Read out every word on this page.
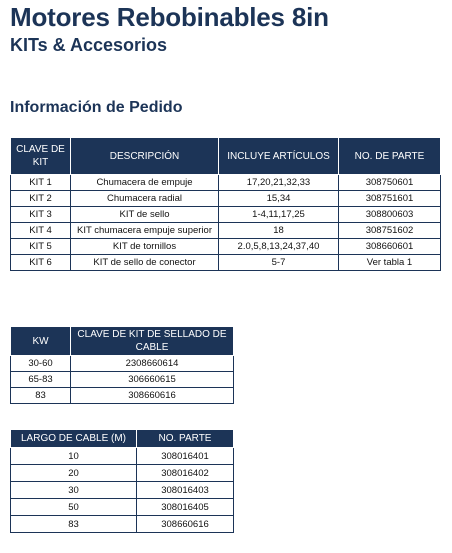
Motores Rebobinables 8in
KITs & Accesorios
Información de Pedido
CLAVE DE KIT	DESCRIPCIÓN	INCLUYE ARTÍCULOS	NO. DE PARTE
KIT 1	Chumacera de empuje	17,20,21,32,33	308750601
KIT 2	Chumacera radial	15,34	308751601
KIT 3	KIT de sello	1-4,11,17,25	308800603
KIT 4	KIT chumacera empuje superior	18	308751602
KIT 5	KIT de tornillos	2.0,5,8,13,24,37,40	308660601
KIT 6	KIT de sello de conector	5-7	Ver tabla 1
KW	CLAVE DE KIT DE SELLADO DE CABLE
30-60	2308660614
65-83	306660615
83	308660616
LARGO DE CABLE (M)	NO. PARTE
10	308016401
20	308016402
30	308016403
50	308016405
83	308660616
